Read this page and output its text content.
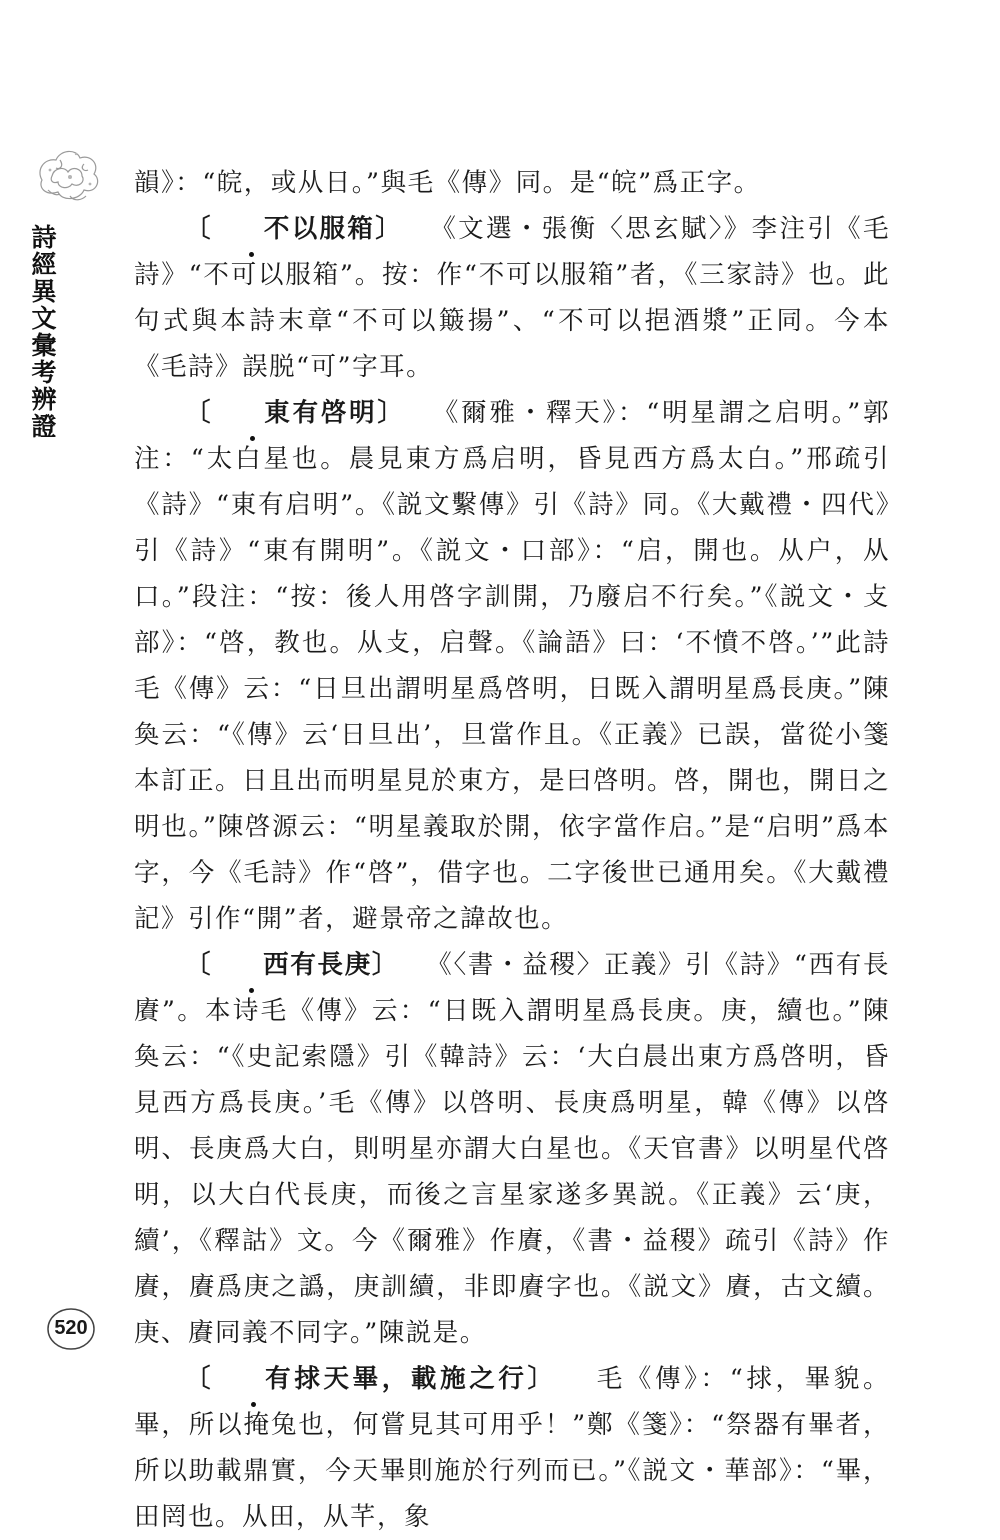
詩經異文彙考辨證

韻》：“皖，或从日。”與毛《傳》同。是“皖”爲正字。

〔 不以服箱〕 《文選・張衡〈思玄賦〉》李注引《毛詩》“不可以服箱”。按：作“不可以服箱”者，《三家詩》也。此句式與本詩末章“不可以簸揚”、“不可以挹酒漿”正同。今本《毛詩》誤脱“可”字耳。

〔 東有啓明〕 《爾雅・釋天》：“明星謂之启明。”郭注：“太白星也。晨見東方爲启明，昏見西方爲太白。”邢疏引《詩》“東有启明”。《説文繫傳》引《詩》同。《大戴禮・四代》引《詩》“東有開明”。《説文・口部》：“启，開也。从户，从口。”段注：“按：後人用啓字訓開，乃廢启不行矣。”《説文・攴部》：“啓，教也。从攴，启聲。《論語》曰：‘不憤不啓。’”此詩毛《傳》云：“日旦出謂明星爲啓明，日既入謂明星爲長庚。”陳奐云：“《傳》云‘日旦出’，旦當作且。《正義》已誤，當從小箋本訂正。日且出而明星見於東方，是曰啓明。啓，開也，開日之明也。”陳啓源云：“明星義取於開，依字當作启。”是“启明”爲本字，今《毛詩》作“啓”，借字也。二字後世已通用矣。《大戴禮記》引作“開”者，避景帝之諱故也。

〔 西有長庚〕 《〈書・益稷〉正義》引《詩》“西有長賡”。本诗毛《傳》云：“日既入謂明星爲長庚。庚，續也。”陳奐云：“《史記索隱》引《韓詩》云：‘大白晨出東方爲啓明，昏見西方爲長庚。’毛《傳》以啓明、長庚爲明星，韓《傳》以啓明、長庚爲大白，則明星亦謂大白星也。《天官書》以明星代啓明，以大白代長庚，而後之言星家遂多異説。《正義》云‘庚，續’，《釋詁》文。今《爾雅》作賡，《書・益稷》疏引《詩》作賡，賡爲庚之譌，庚訓續，非即賡字也。《説文》賡，古文續。庚、賡同義不同字。”陳説是。

〔 有捄天畢，載施之行〕 毛《傳》：“捄，畢貌。畢，所以掩兔也，何嘗見其可用乎！”鄭《箋》：“祭器有畢者，所以助載鼎實，今天畢則施於行列而已。”《説文・華部》：“畢，田罔也。从田，从芊，象

520
